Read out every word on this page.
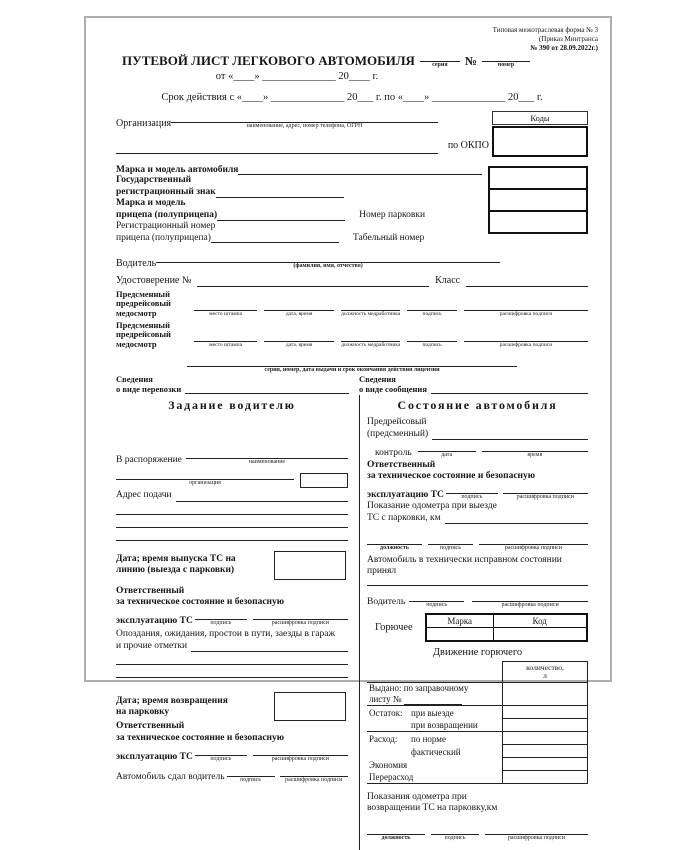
Типовая межотраслевая форма № 3
(Приказ Минтранса
№ 390 от 28.09.2022г.)
ПУТЕВОЙ ЛИСТ ЛЕГКОВОГО АВТОМОБИЛЯ	серия	№	номер
от «____» ______________ 20____ г.
Срок действия с «____» ______________ 20___ г. по «____» ______________ 20___ г.
Организация	наименование, адрес, номер телефона, ОГРН
по ОКПО
Коды
Марка и модель автомобиля
Государственный
регистрационный знак
Марка и модель
прицепа (полуприцепа)	Номер парковки
Регистрационный номер
прицепа (полуприцепа)	Табельный номер
Водитель	(фамилия, имя, отчество)
Удостоверение №	Класс
Предсменный
предрейсовый
медосмотр	место штампа	дата, время	должность медработника	подпись	расшифровка подписи
Предсменный
предрейсовый
медосмотр	место штампа	дата, время	должность медработника	подпись	расшифровка подписи
серия, номер, дата выдачи и срок окончания действия лицензии
Сведения
о виде перевозки
Сведения
о виде сообщения
Задание водителю
В распоряжение	наименование
организация
Адрес подачи
Дата; время выпуска ТС на
линию (выезда с парковки)
Ответственный
за техническое состояние и безопасную
эксплуатацию ТС	подпись	расшифровка подписи
Опоздания, ожидания, простои в пути, заезды в гараж
и прочие отметки
Дата; время возвращения
на парковку
Ответственный
за техническое состояние и безопасную
эксплуатацию ТС	подпись	расшифровка подписи
Автомобиль сдал водитель	подпись	расшифровка подписи
Состояние автомобиля
Предрейсовый
(предсменный)
контроль	дата	время
Ответственный
за техническое состояние и безопасную
эксплуатацию ТС	подпись	расшифровка подписи
Показание одометра при выезде
ТС с парковки, км
должность	подпись	расшифровка подписи
Автомобиль в технически исправном состоянии принял
Водитель	подпись	расшифровка подписи
Горючее
Марка	Код

Движение горючего

	количество,
л

Выдано: по заправочному
листу №	

Остаток: при выезде	
при возвращении	
Расход: по норме	
фактический	
Экономия	
Перерасход	
Показания одометра при
возвращении ТС на парковку,км
должность	подпись	расшифровка подписи
